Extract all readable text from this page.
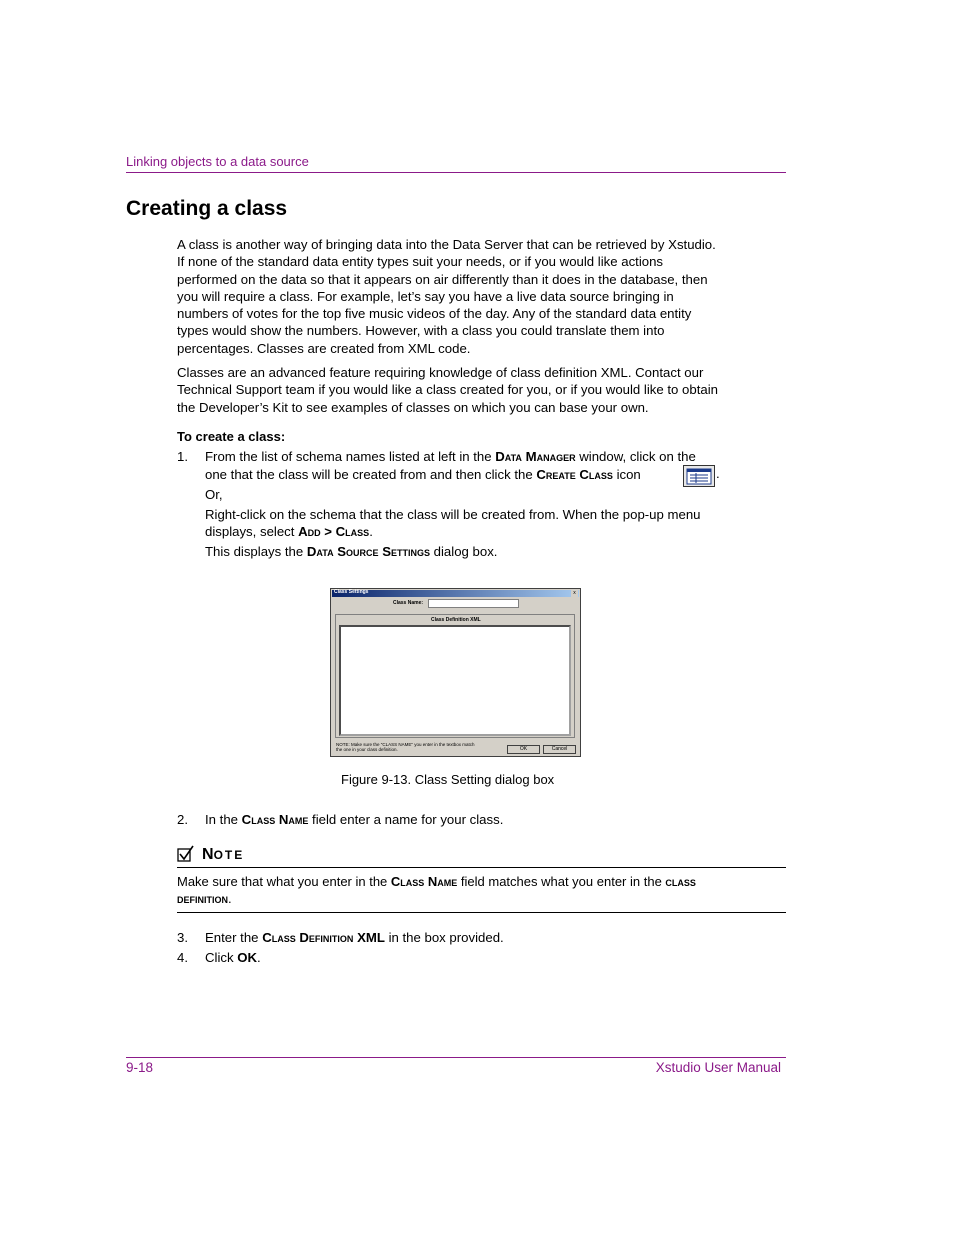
Linking objects to a data source
Creating a class
A class is another way of bringing data into the Data Server that can be retrieved by Xstudio.
If none of the standard data entity types suit your needs, or if you would like actions
performed on the data so that it appears on air differently than it does in the database, then
you will require a class. For example, let’s say you have a live data source bringing in
numbers of votes for the top five music videos of the day. Any of the standard data entity
types would show the numbers. However, with a class you could translate them into
percentages. Classes are created from XML code.
Classes are an advanced feature requiring knowledge of class definition XML. Contact our
Technical Support team if you would like a class created for you, or if you would like to obtain
the Developer’s Kit to see examples of classes on which you can base your own.
To create a class:
1. From the list of schema names listed at left in the Data Manager window, click on the
one that the class will be created from and then click the Create Class icon	.
Or,
Right-click on the schema that the class will be created from. When the pop-up menu
displays, select Add > Class.
This displays the Data Source Settings dialog box.
Class Settings	x
Class Name:
Class Definition XML
NOTE: Make sure the "CLASS NAME" you enter in the textbox match
the one in your class definition.	OK	Cancel
Figure 9-13. Class Setting dialog box
2. In the Class Name field enter a name for your class.
NOTE
Make sure that what you enter in the Class Name field matches what you enter in the class
definition.
3. Enter the Class Definition XML in the box provided.
4. Click OK.
9-18	Xstudio User Manual
